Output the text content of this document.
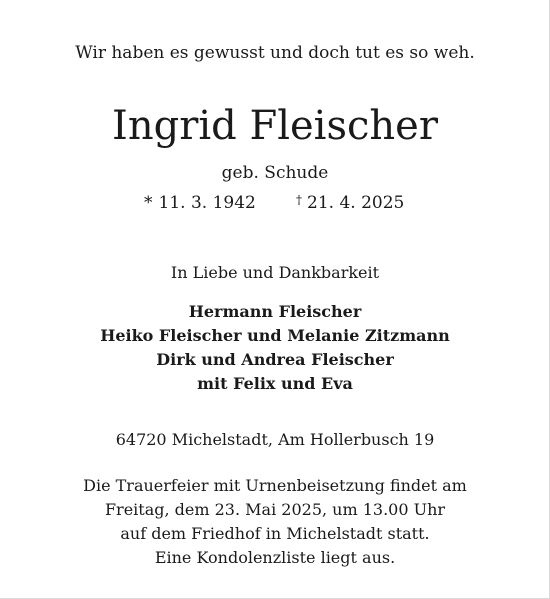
Wir haben es gewusst und doch tut es so weh.
Ingrid Fleischer
geb. Schude
* 11. 3. 1942	† 21. 4. 2025
In Liebe und Dankbarkeit
Hermann Fleischer
Heiko Fleischer und Melanie Zitzmann
Dirk und Andrea Fleischer
mit Felix und Eva
64720 Michelstadt, Am Hollerbusch 19
Die Trauerfeier mit Urnenbeisetzung findet am
Freitag, dem 23. Mai 2025, um 13.00 Uhr
auf dem Friedhof in Michelstadt statt.
Eine Kondolenzliste liegt aus.
